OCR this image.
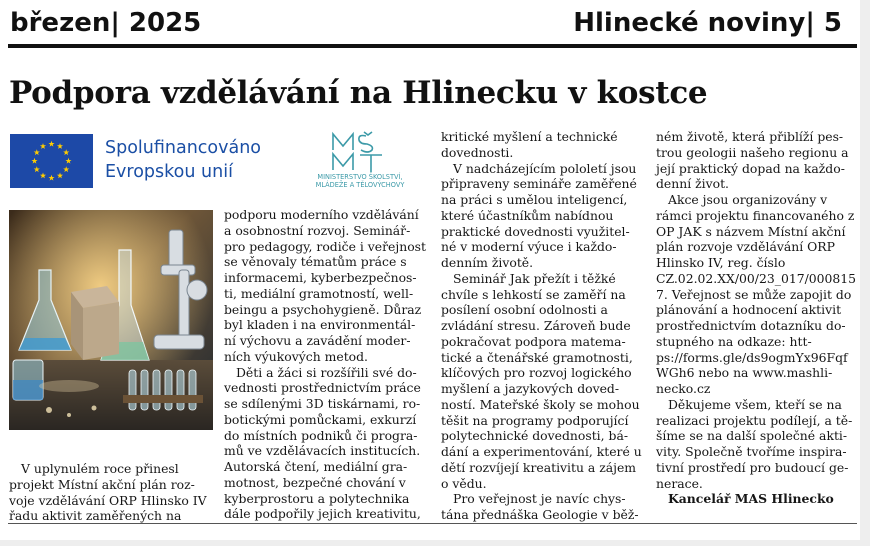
březen| 2025	Hlinecké noviny| 5
Podpora vzdělávání na Hlinecku v kostce
Spolufinancováno
Evropskou unií	MINISTERSTVO ŠKOLSTVÍ,
MLÁDEŽE A TĚLOVÝCHOVY
V uplynulém roce přinesl
projekt Místní akční plán roz-
voje vzdělávání ORP Hlinsko IV
řadu aktivit zaměřených na
podporu moderního vzdělávání
a osobnostní rozvoj. Seminář-
pro pedagogy, rodiče i veřejnost
se věnovaly tématům práce s
informacemi, kyberbezpečnos-
ti, mediální gramotností, well-
beingu a psychohygieně. Důraz
byl kladen i na environmentál-
ní výchovu a zavádění moder-
ních výukových metod.
Děti a žáci si rozšířili své do-
vednosti prostřednictvím práce
se sdílenými 3D tiskárnami, ro-
botickými pomůckami, exkurzí
do místních podniků či progra-
mů ve vzdělávacích institucích.
Autorská čtení, mediální gra-
motnost, bezpečné chování v
kyberprostoru a polytechnika
dále podpořily jejich kreativitu,
kritické myšlení a technické
dovednosti.
V nadcházejícím pololetí jsou
připraveny semináře zaměřené
na práci s umělou inteligencí,
které účastníkům nabídnou
praktické dovednosti využitel-
né v moderní výuce i každo-
denním životě.
Seminář Jak přežít i těžké
chvíle s lehkostí se zaměří na
posílení osobní odolnosti a
zvládání stresu. Zároveň bude
pokračovat podpora matema-
tické a čtenářské gramotnosti,
klíčových pro rozvoj logického
myšlení a jazykových doved-
ností. Mateřské školy se mohou
těšit na programy podporující
polytechnické dovednosti, bá-
dání a experimentování, které u
dětí rozvíjejí kreativitu a zájem
o vědu.
Pro veřejnost je navíc chys-
tána přednáška Geologie v běž-
ném životě, která přiblíží pes-
trou geologii našeho regionu a
její praktický dopad na každo-
denní život.
Akce jsou organizovány v
rámci projektu financovaného z
OP JAK s názvem Místní akční
plán rozvoje vzdělávání ORP
Hlinsko IV, reg. číslo
CZ.02.02.XX/00/23_017/000815
7. Veřejnost se může zapojit do
plánování a hodnocení aktivit
prostřednictvím dotazníku do-
stupného na odkaze: htt-
ps://forms.gle/ds9ogmYx96Fqf
WGh6 nebo na www.mashli-
necko.cz
Děkujeme všem, kteří se na
realizaci projektu podílejí, a tě-
šíme se na další společné akti-
vity. Společně tvoříme inspira-
tivní prostředí pro budoucí ge-
nerace.
Kancelář MAS Hlinecko
